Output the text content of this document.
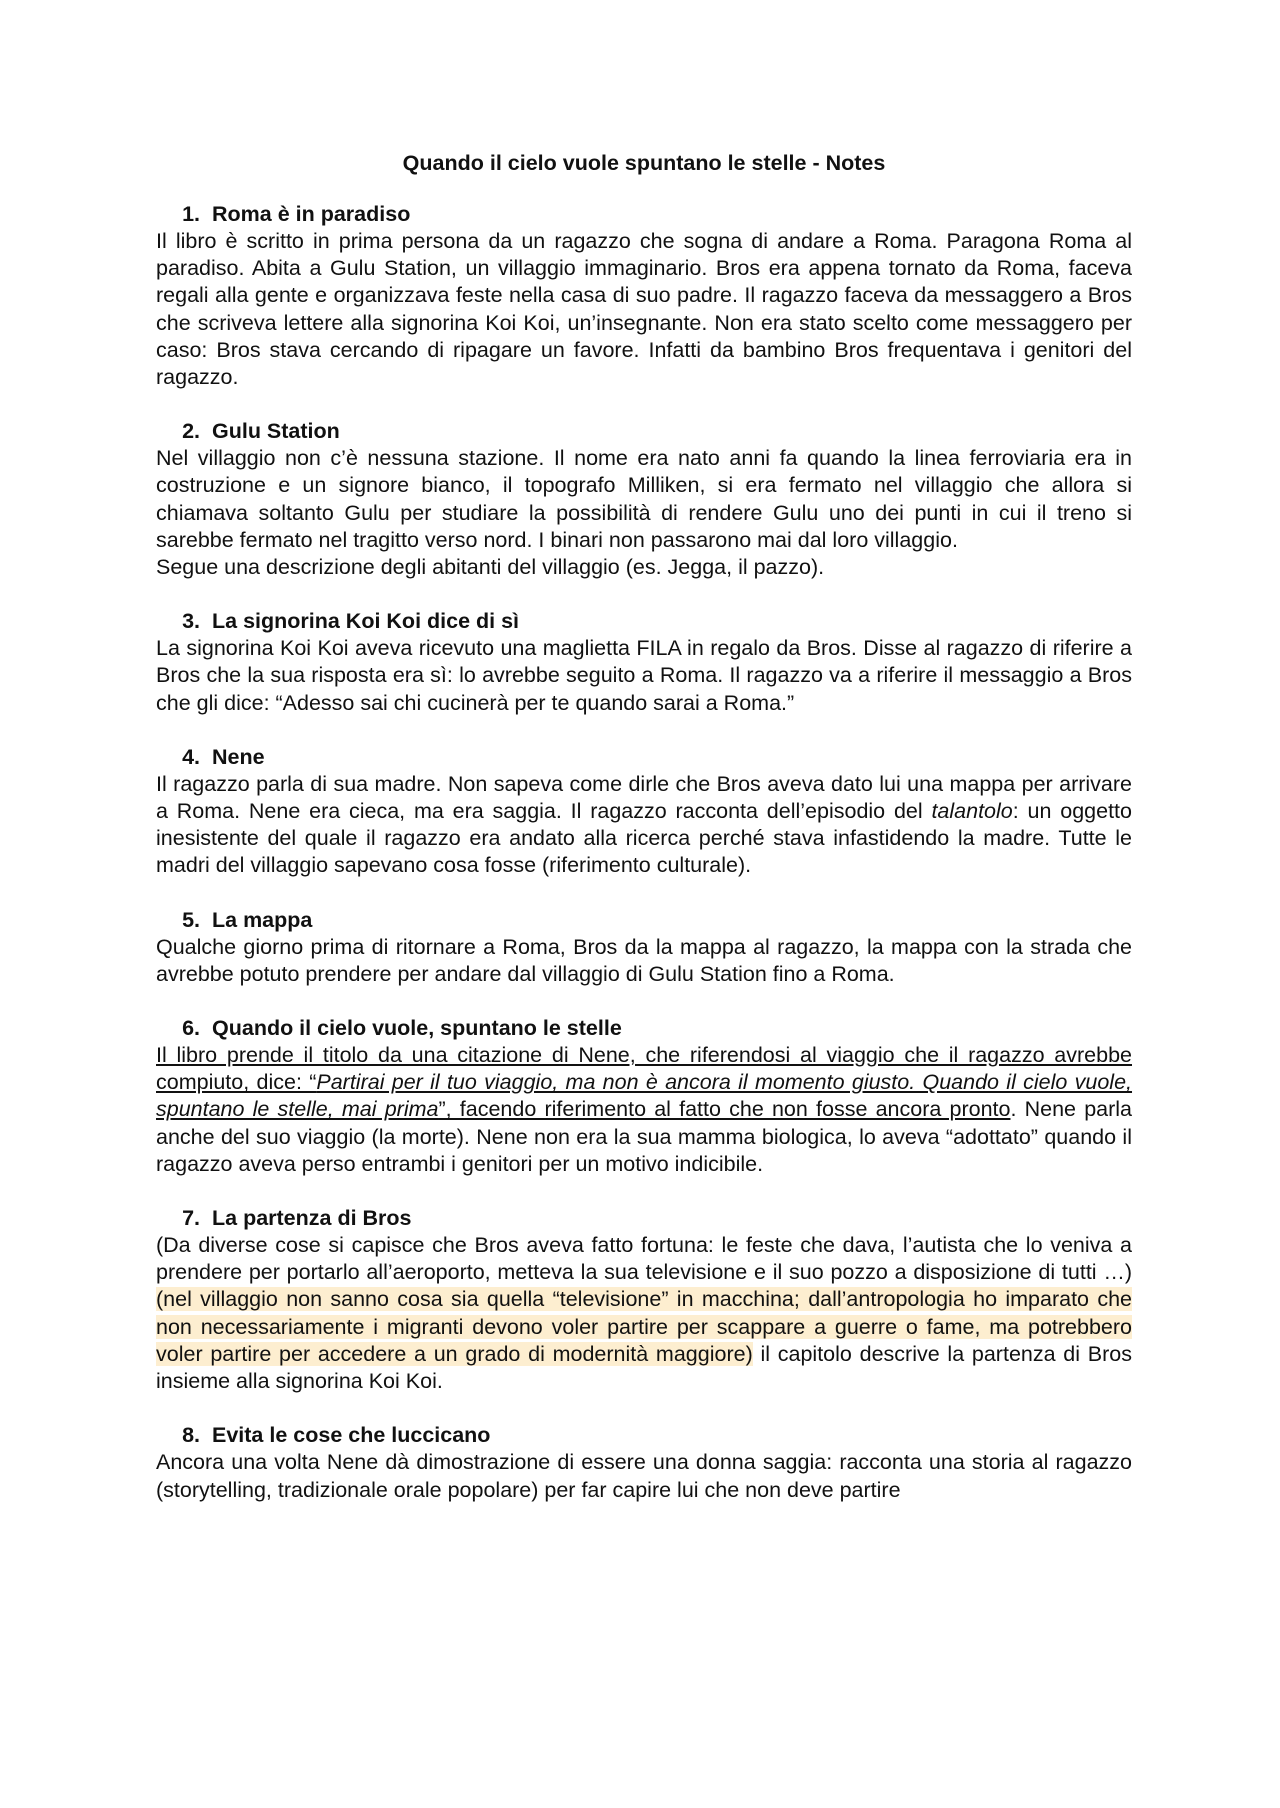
Quando il cielo vuole spuntano le stelle - Notes
1. Roma è in paradiso

Il libro è scritto in prima persona da un ragazzo che sogna di andare a Roma. Paragona Roma al paradiso. Abita a Gulu Station, un villaggio immaginario. Bros era appena tornato da Roma, faceva regali alla gente e organizzava feste nella casa di suo padre. Il ragazzo faceva da messaggero a Bros che scriveva lettere alla signorina Koi Koi, un’insegnante. Non era stato scelto come messaggero per caso: Bros stava cercando di ripagare un favore. Infatti da bambino Bros frequentava i genitori del ragazzo.

2. Gulu Station

Nel villaggio non c’è nessuna stazione. Il nome era nato anni fa quando la linea ferroviaria era in costruzione e un signore bianco, il topografo Milliken, si era fermato nel villaggio che allora si chiamava soltanto Gulu per studiare la possibilità di rendere Gulu uno dei punti in cui il treno si sarebbe fermato nel tragitto verso nord. I binari non passarono mai dal loro villaggio.

Segue una descrizione degli abitanti del villaggio (es. Jegga, il pazzo).

3. La signorina Koi Koi dice di sì

La signorina Koi Koi aveva ricevuto una maglietta FILA in regalo da Bros. Disse al ragazzo di riferire a Bros che la sua risposta era sì: lo avrebbe seguito a Roma. Il ragazzo va a riferire il messaggio a Bros che gli dice: “Adesso sai chi cucinerà per te quando sarai a Roma.”

4. Nene

Il ragazzo parla di sua madre. Non sapeva come dirle che Bros aveva dato lui una mappa per arrivare a Roma. Nene era cieca, ma era saggia. Il ragazzo racconta dell’episodio del talantolo: un oggetto inesistente del quale il ragazzo era andato alla ricerca perché stava infastidendo la madre. Tutte le madri del villaggio sapevano cosa fosse (riferimento culturale).

5. La mappa

Qualche giorno prima di ritornare a Roma, Bros da la mappa al ragazzo, la mappa con la strada che avrebbe potuto prendere per andare dal villaggio di Gulu Station fino a Roma.

6. Quando il cielo vuole, spuntano le stelle

Il libro prende il titolo da una citazione di Nene, che riferendosi al viaggio che il ragazzo avrebbe compiuto, dice: “Partirai per il tuo viaggio, ma non è ancora il momento giusto. Quando il cielo vuole, spuntano le stelle, mai prima”, facendo riferimento al fatto che non fosse ancora pronto. Nene parla anche del suo viaggio (la morte). Nene non era la sua mamma biologica, lo aveva “adottato” quando il ragazzo aveva perso entrambi i genitori per un motivo indicibile.

7. La partenza di Bros

(Da diverse cose si capisce che Bros aveva fatto fortuna: le feste che dava, l’autista che lo veniva a prendere per portarlo all’aeroporto, metteva la sua televisione e il suo pozzo a disposizione di tutti …) (nel villaggio non sanno cosa sia quella “televisione” in macchina; dall’antropologia ho imparato che non necessariamente i migranti devono voler partire per scappare a guerre o fame, ma potrebbero voler partire per accedere a un grado di modernità maggiore) il capitolo descrive la partenza di Bros insieme alla signorina Koi Koi.

8. Evita le cose che luccicano

Ancora una volta Nene dà dimostrazione di essere una donna saggia: racconta una storia al ragazzo (storytelling, tradizionale orale popolare) per far capire lui che non deve partire
